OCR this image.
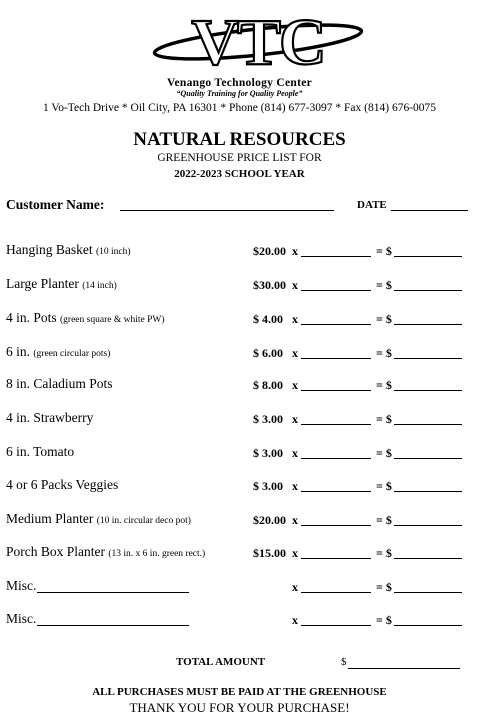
VTC
Venango Technology Center
“Quality Training for Quality People”
1 Vo-Tech Drive * Oil City, PA 16301 * Phone (814) 677-3097 * Fax (814) 676-0075
NATURAL RESOURCES
GREENHOUSE PRICE LIST FOR
2022-2023 SCHOOL YEAR
Customer Name:	DATE
Hanging Basket (10 inch)	$20.00 x	= $
Large Planter (14 inch)	$30.00 x	= $
4 in. Pots (green square & white PW)	$ 4.00 x	= $
6 in. (green circular pots)	$ 6.00 x	= $
8 in. Caladium Pots	$ 8.00 x	= $
4 in. Strawberry	$ 3.00 x	= $
6 in. Tomato	$ 3.00 x	= $
4 or 6 Packs Veggies	$ 3.00 x	= $
Medium Planter (10 in. circular deco pot)	$20.00 x	= $
Porch Box Planter (13 in. x 6 in. green rect.)	$15.00 x	= $
Misc.	x	= $
Misc.	x	= $
TOTAL AMOUNT	$
ALL PURCHASES MUST BE PAID AT THE GREENHOUSE
THANK YOU FOR YOUR PURCHASE!
